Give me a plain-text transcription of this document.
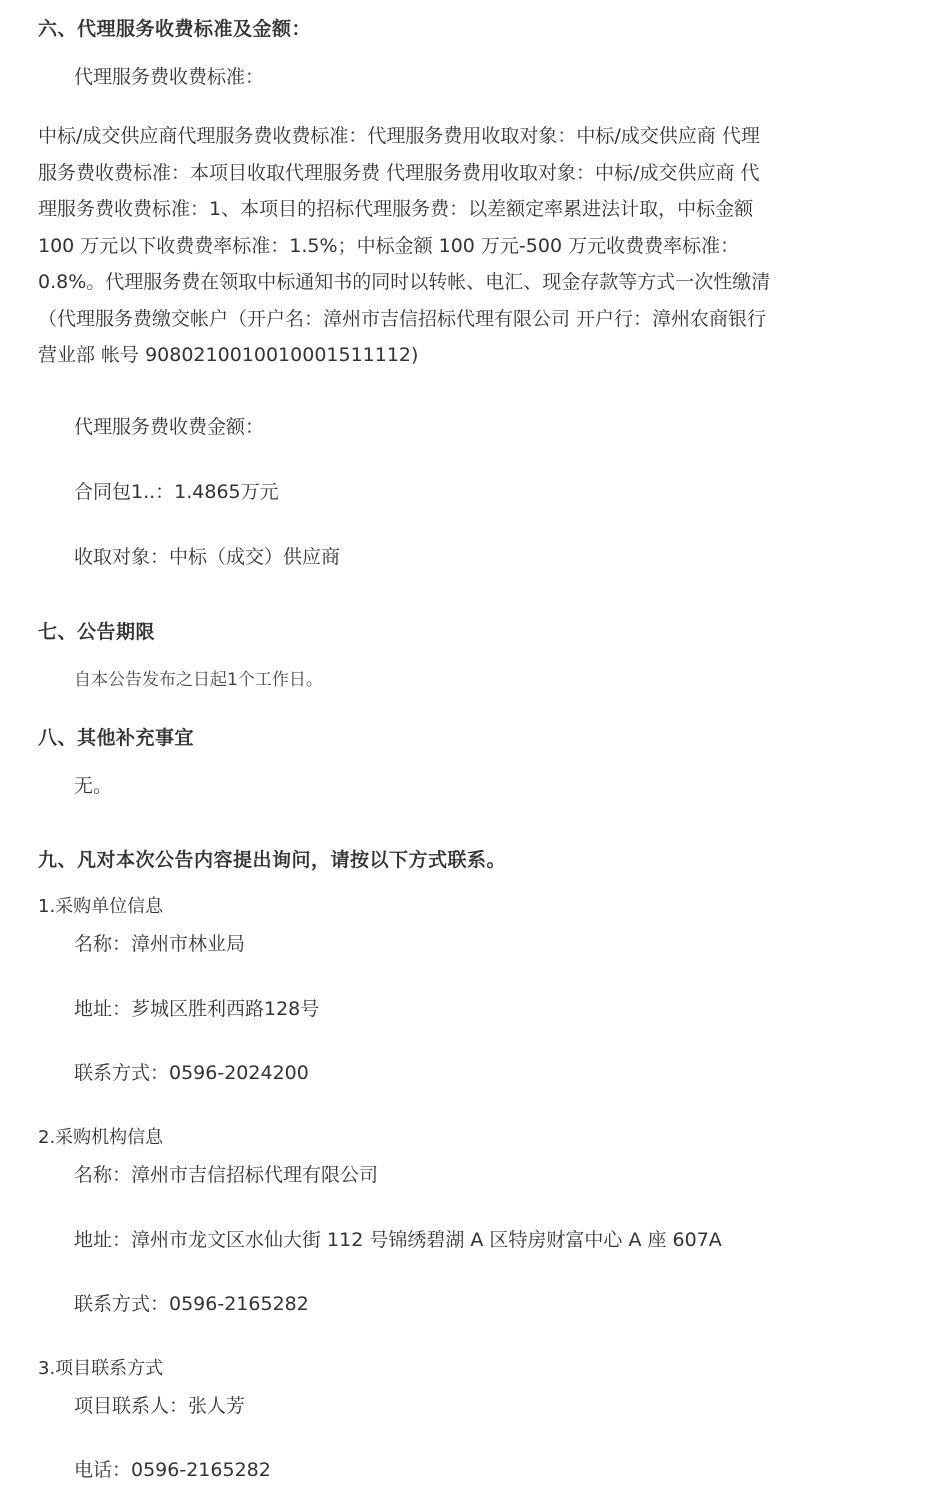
六、代理服务收费标准及金额：
代理服务费收费标准：
中标/成交供应商代理服务费收费标准：代理服务费用收取对象：中标/成交供应商 代理
服务费收费标准：本项目收取代理服务费 代理服务费用收取对象：中标/成交供应商 代
理服务费收费标准：1、本项目的招标代理服务费：以差额定率累进法计取，中标金额
100 万元以下收费费率标准：1.5%；中标金额 100 万元-500 万元收费费率标准：
0.8%。代理服务费在领取中标通知书的同时以转帐、电汇、现金存款等方式一次性缴清
（代理服务费缴交帐户（开户名：漳州市吉信招标代理有限公司 开户行：漳州农商银行
营业部 帐号 9080210010010001511112)
代理服务费收费金额：
合同包1..：1.4865万元
收取对象：中标（成交）供应商
七、公告期限
自本公告发布之日起1个工作日。
八、其他补充事宜
无。
九、凡对本次公告内容提出询问，请按以下方式联系。
1.采购单位信息
名称：漳州市林业局
地址：芗城区胜利西路128号
联系方式：0596-2024200
2.采购机构信息
名称：漳州市吉信招标代理有限公司
地址：漳州市龙文区水仙大街 112 号锦绣碧湖 A 区特房财富中心 A 座 607A
联系方式：0596-2165282
3.项目联系方式
项目联系人：张人芳
电话：0596-2165282
